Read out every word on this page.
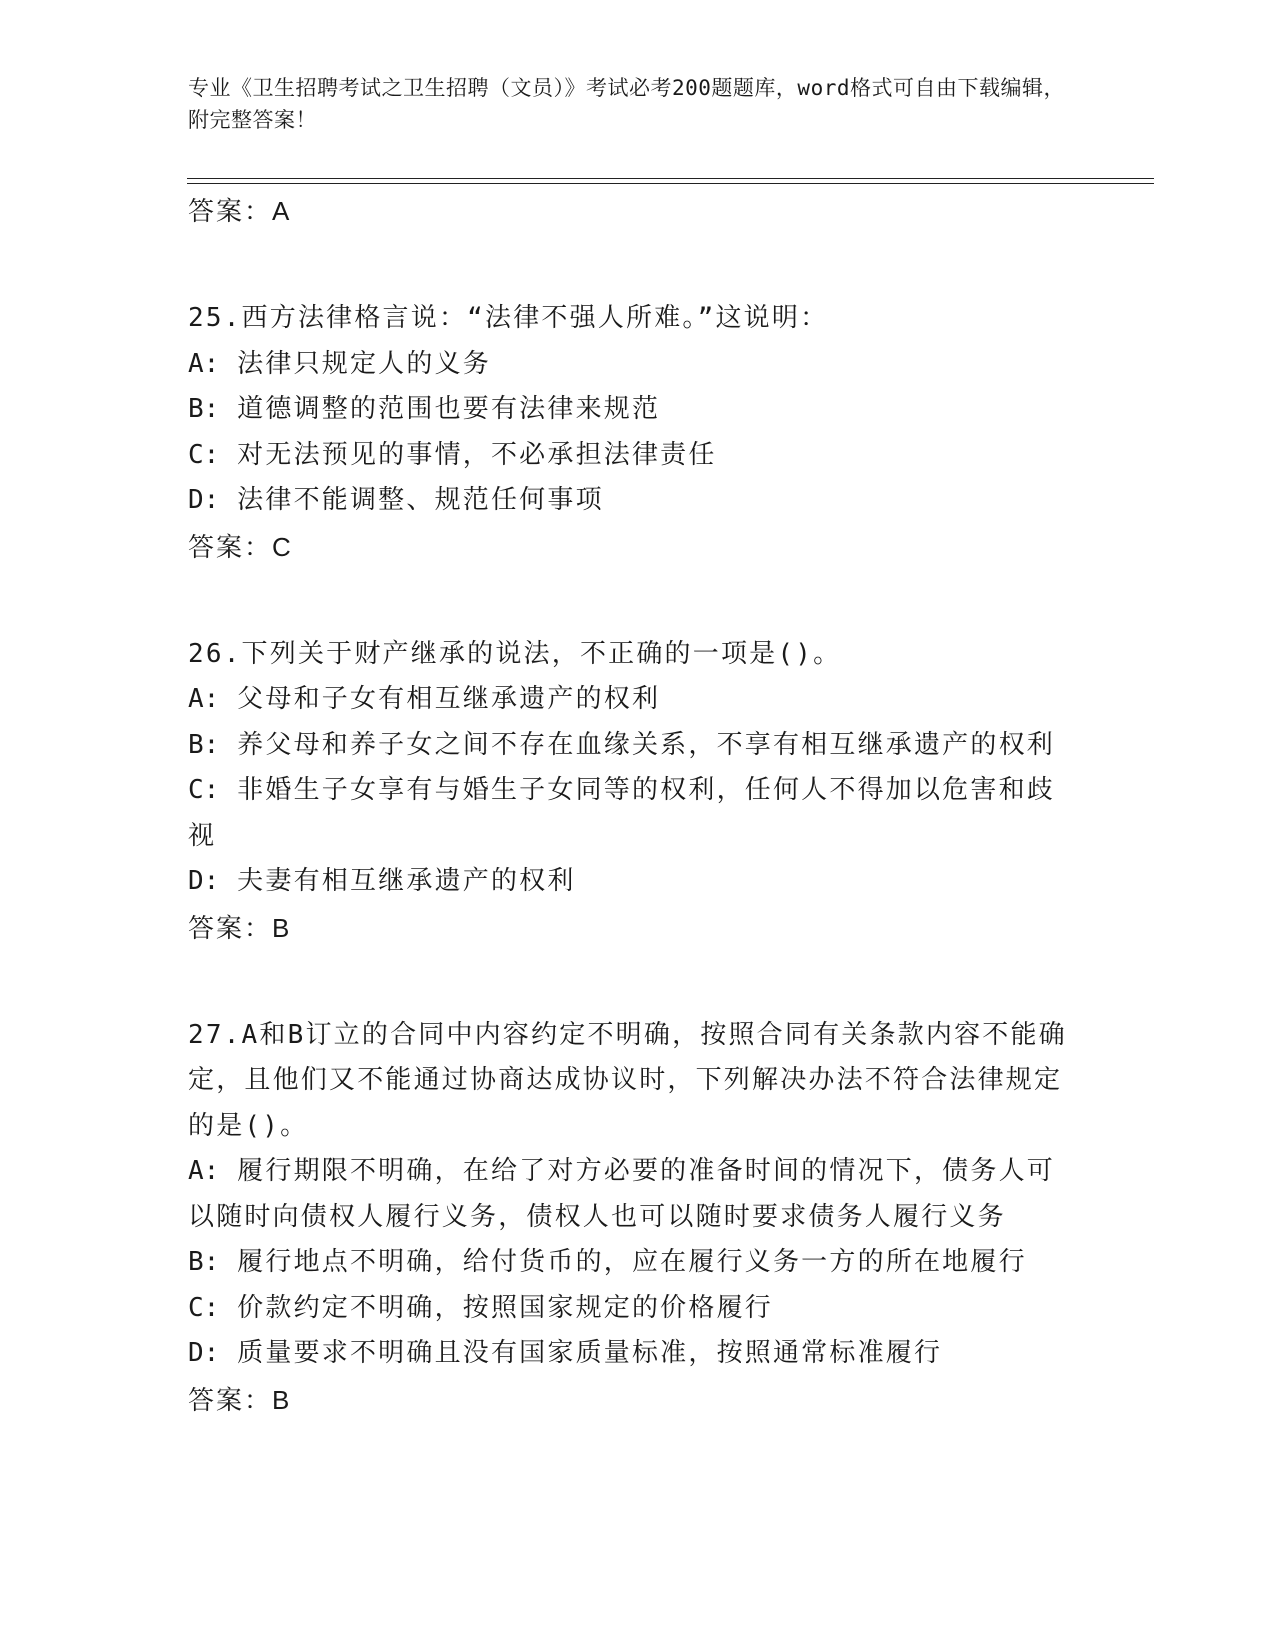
专业《卫生招聘考试之卫生招聘（文员）》考试必考200题题库，word格式可自由下载编辑，附完整答案！
答案：A
25.西方法律格言说：“法律不强人所难。”这说明：
A: 法律只规定人的义务
B: 道德调整的范围也要有法律来规范
C: 对无法预见的事情，不必承担法律责任
D: 法律不能调整、规范任何事项
答案：C
26.下列关于财产继承的说法，不正确的一项是()。
A: 父母和子女有相互继承遗产的权利
B: 养父母和养子女之间不存在血缘关系，不享有相互继承遗产的权利
C: 非婚生子女享有与婚生子女同等的权利，任何人不得加以危害和歧视
D: 夫妻有相互继承遗产的权利
答案：B
27.A和B订立的合同中内容约定不明确，按照合同有关条款内容不能确定，且他们又不能通过协商达成协议时，下列解决办法不符合法律规定的是()。
A: 履行期限不明确，在给了对方必要的准备时间的情况下，债务人可以随时向债权人履行义务，债权人也可以随时要求债务人履行义务
B: 履行地点不明确，给付货币的，应在履行义务一方的所在地履行
C: 价款约定不明确，按照国家规定的价格履行
D: 质量要求不明确且没有国家质量标准，按照通常标准履行
答案：B
